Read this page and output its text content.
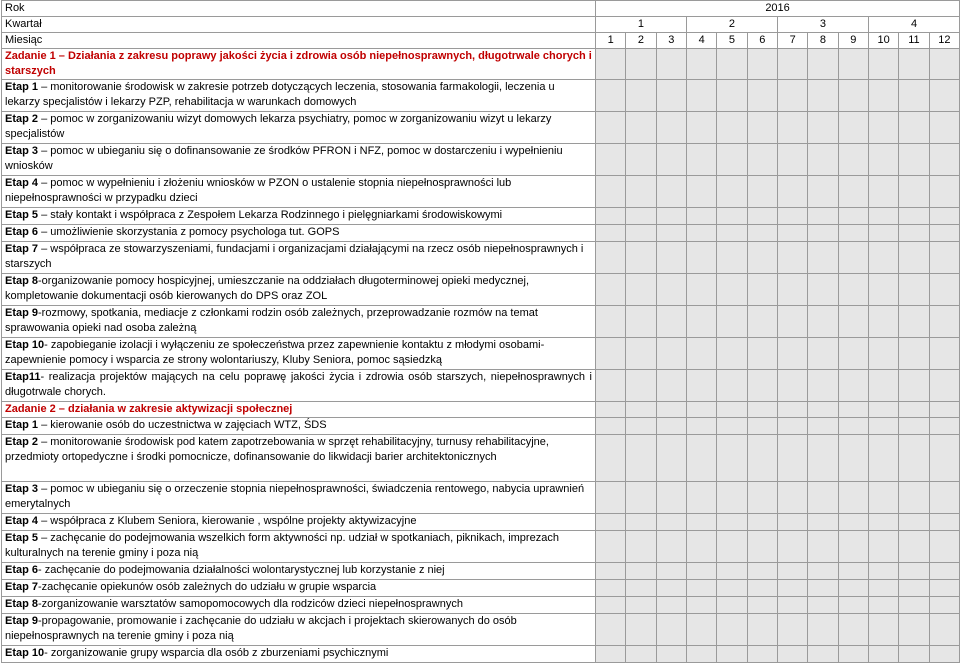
Rok	2016											
Kwartał	1			2			3			4		
Miesiąc	1	2	3	4	5	6	7	8	9	10	11	12
Zadanie 1 – Działania z zakresu poprawy jakości życia i zdrowia osób niepełnosprawnych, długotrwale chorych i starszych												
Etap 1 – monitorowanie środowisk w zakresie potrzeb dotyczących leczenia, stosowania farmakologii, leczenia u lekarzy specjalistów i lekarzy PZP, rehabilitacja w warunkach domowych												
Etap 2 – pomoc w zorganizowaniu wizyt domowych lekarza psychiatry, pomoc w zorganizowaniu wizyt u lekarzy specjalistów												
Etap 3 – pomoc w ubieganiu się o dofinansowanie ze środków PFRON i NFZ, pomoc w dostarczeniu i wypełnieniu wniosków												
Etap 4 – pomoc w wypełnieniu i złożeniu wniosków w PZON o ustalenie stopnia niepełnosprawności lub niepełnosprawności w przypadku dzieci												
Etap 5 – stały kontakt i współpraca z Zespołem Lekarza Rodzinnego i pielęgniarkami środowiskowymi												
Etap 6 – umożliwienie skorzystania z pomocy psychologa tut. GOPS												
Etap 7 – współpraca ze stowarzyszeniami, fundacjami i organizacjami działającymi na rzecz osób niepełnosprawnych i starszych												
Etap 8-organizowanie pomocy hospicyjnej, umieszczanie na oddziałach długoterminowej opieki medycznej, kompletowanie dokumentacji osób kierowanych do DPS oraz ZOL												
Etap 9-rozmowy, spotkania, mediacje z członkami rodzin osób zależnych, przeprowadzanie rozmów na temat sprawowania opieki nad osoba zależną												
Etap 10- zapobieganie izolacji i wyłączeniu ze społeczeństwa przez zapewnienie kontaktu z młodymi osobami- zapewnienie pomocy i wsparcia ze strony wolontariuszy, Kluby Seniora, pomoc sąsiedzką												
Etap11- realizacja projektów mających na celu poprawę jakości życia i zdrowia osób starszych, niepełnosprawnych i długotrwale chorych.												
Zadanie 2 – działania w zakresie aktywizacji społecznej												
Etap 1 – kierowanie osób do uczestnictwa w zajęciach WTZ, ŚDS												
Etap 2 – monitorowanie środowisk pod katem zapotrzebowania w sprzęt rehabilitacyjny, turnusy rehabilitacyjne, przedmioty ortopedyczne i środki pomocnicze, dofinansowanie do likwidacji barier architektonicznych												
Etap 3 – pomoc w ubieganiu się o orzeczenie stopnia niepełnosprawności, świadczenia rentowego, nabycia uprawnień emerytalnych												
Etap 4 – współpraca z Klubem Seniora, kierowanie , wspólne projekty aktywizacyjne												
Etap 5 – zachęcanie do podejmowania wszelkich form aktywności np. udział w spotkaniach, piknikach, imprezach kulturalnych na terenie gminy i poza nią												
Etap 6- zachęcanie do podejmowania działalności wolontarystycznej lub korzystanie z niej												
Etap 7-zachęcanie opiekunów osób zależnych do udziału w grupie wsparcia												
Etap 8-zorganizowanie warsztatów samopomocowych dla rodziców dzieci niepełnosprawnych												
Etap 9-propagowanie, promowanie i zachęcanie do udziału w akcjach i projektach skierowanych do osób niepełnosprawnych na terenie gminy i poza nią												
Etap 10- zorganizowanie grupy wsparcia dla osób z zburzeniami psychicznymi												
